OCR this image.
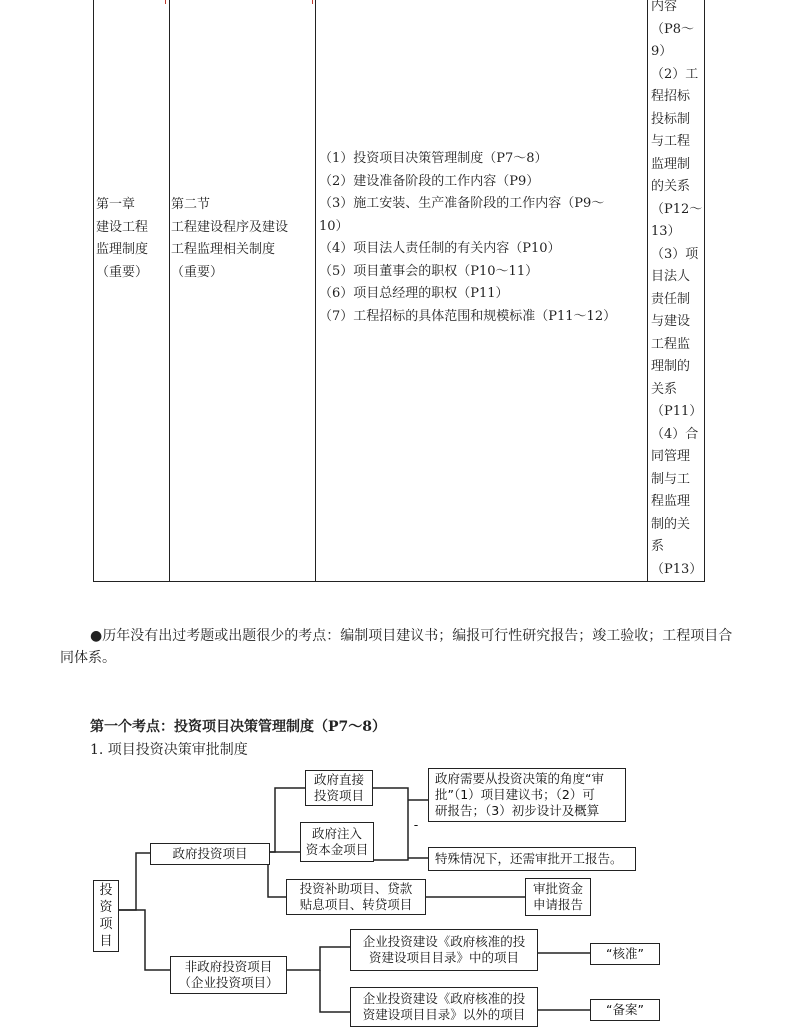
第一章
建设工程
监理制度
（重要）
第二节
工程建设程序及建设
工程监理相关制度
（重要）
（1）投资项目决策管理制度（P7～8）
（2）建设准备阶段的工作内容（P9）
（3）施工安装、生产准备阶段的工作内容（P9～
10）
（4）项目法人责任制的有关内容（P10）
（5）项目董事会的职权（P10～11）
（6）项目总经理的职权（P11）
（7）工程招标的具体范围和规模标准（P11～12）
内容
（P8～
9）
（2）工
程招标
投标制
与工程
监理制
的关系
（P12～
13）
（3）项
目法人
责任制
与建设
工程监
理制的
关系
（P11）
（4）合
同管理
制与工
程监理
制的关
系
（P13）
●历年没有出过考题或出题很少的考点：编制项目建议书；编报可行性研究报告；竣工验收；工程项目合同体系。
第一个考点：投资项目决策管理制度（P7～8）
1. 项目投资决策审批制度
投
资
项
目
政府投资项目
政府直接
投资项目
政府注入
资本金项目
投资补助项目、贷款
贴息项目、转贷项目
政府需要从投资决策的角度“审
批”（1）项目建议书；（2）可
研报告；（3）初步设计及概算
-
特殊情况下，还需审批开工报告。
审批资金
申请报告
非政府投资项目
（企业投资项目）
企业投资建设《政府核准的投
资建设项目目录》中的项目
企业投资建设《政府核准的投
资建设项目目录》以外的项目
“核准”
“备案”
